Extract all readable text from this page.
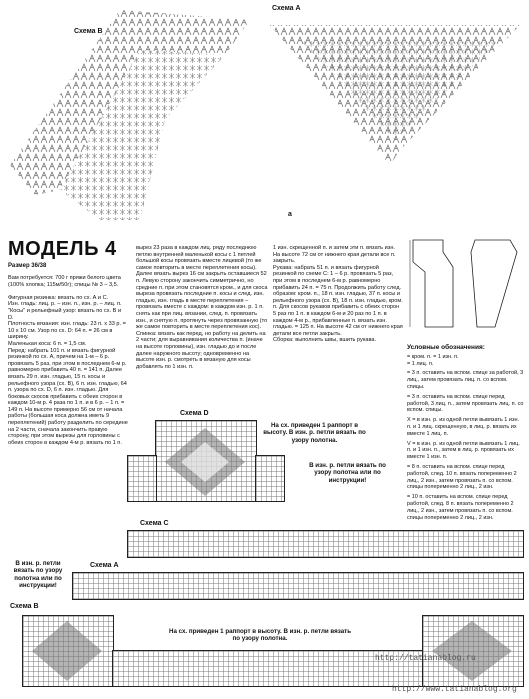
Схема В
Схема А
а
МОДЕЛЬ 4
Размер 36/38
Вам потребуется: 700 г пряжи белого цвета (100% хлопка; 115м/50г); спицы № 3 – 3,5.

Фигурная резинка: вязать по сх. А и С.
Изн. гладь: лиц. р. – изн. п., изн. р. – лиц. п.
"Косы" и рельефный узор: вязать по сх. В и D.
Плотность вязания: изн. гладь: 23 п. х 33 р. = 10 х 10 см. Узор по сх. D: 64 п. = 26 см в ширину.
Маленькая коса: 6 п. = 1,5 см.
Перед: набрать 101 п. и вязать фигурной резинкой по сх. А, причем на 1-м – 6 р. провязать 5 раз, при этом в последнем 6-м р. равномерно прибавить 40 п. = 141 п. Далее вязать 29 п. изн. гладью, 15 п. косы и рельефного узора (сх. В), 6 п. изн. гладью, 64 п. узора по сх. D, 6 п. изн. гладью. Для боковых скосов прибавить с обеих сторон в каждом 10-м р. 4 раза по 1 п. и в 6 р. – 1 п. = 149 п. На высоте примерно 56 см от начала работы (большая коса должна иметь 9 переплетений) работу разделить по середине на 2 части, сначала закончить правую сторону, при этом вырезы для горловины с обеих сторон в каждом 4-м р. вязать по 1 п.
вырез 23 раза в каждом лиц. ряду последнюю петлю внутренней маленькой косы с 1 петлей большой косы провязать вместе лицевой (то же самое повторить в месте переплетения косы). Далее вязать вырез 16 см закрыть оставшиеся 52 п. Левую сторону закончить симметрично, но средние п. при этом становятся кром., и для скоса выреза провязать последние п. косы и след. изн. гладью, изн. гладь в месте переплетения – провязать вместе с каждом: в каждом изн. р. 1 п. снять как при лиц. вязании, след. п. провязать изн., и снятую п. протянуть через провязанную (то же самое повторить в месте переплетения кос).
Спинка: вязать как перед, но работу на делить на 2 части; для выравнивания количества п. (иначе на высоте горловины), изн. гладью до и после далее наружного высоту; одновременно на высоте изн. р. смотреть в вязаную для косы добавлять по 1 изн. п.
1 изн. скрещенной п. и затем эти п. вязать изн. На высоте 72 см от нижнего края детали все п. закрыть.
Рукава: набрать 51 п. и вязать фигурной резинкой по схеме С: 1 – 6 р. провязать 5 раз, при этом в последнем 6-м р. равномерно прибавить 24 п. = 75 п. Продолжить работу след. образом: кром. п., 18 п. изн. гладью, 37 п. косы и рельефного узора (сх. В), 18 п. изн. гладью, кром. п. Для скосов рукавов прибавить с обеих сторон 5 раз по 1 п. в каждом 6-м и 20 раз по 1 п. в каждом 4-м р., прибавленные п. вязать изн. гладью. = 125 п. На высоте 42 см от нижнего края детали все петли закрыть.
Сборка: выполнить швы, вшить рукава.
Условные обозначения:
= кром. п. = 1 изн. п.
= 1 лиц. п.
= 3 п. оставить на вспом. спице за работой, 3 лиц., затем провязать лиц. п. со вспом. спицы.
= 3 п. оставить на вспом. спице перед работой, 3 лиц. п., затем провязать лиц. п. со вспом. спицы.
X = в изн. р. из одной петли вывязать 1 изн. п. и 1 лиц. скрещенную, в лиц. р. вязать их вместе 1 лиц. п.
V = в изн. р. из одной петли вывязать 1 лиц. п. и 1 изн. п., затем в лиц. р. провязать их вместе 1 изн. п.
= 8 п. оставить на вспом. спице перед работой, след. 10 п. вязать попеременно 2 лиц., 2 изн., затем провязать п. со вспом. спицы попеременно 2 лиц., 2 изн.
= 10 п. оставить на вспом. спице перед работой, след. 8 п. вязать попеременно 2 лиц., 2 изн., затем провязать п. со вспом. спицы попеременно 2 лиц., 2 изн.
Схема D
На сх. приведен 1 раппорт в высоту. В изн. р. петли вязать по узору полотна.
В изн. р. петли вязать по узору полотна или по инструкции!
Схема С
Схема А
В изн. р. петли вязать по узору полотна или по инструкции!
Схема В
На сх. приведен 1 раппорт в высоту. В изн. р. петли вязать по узору полотна.
http://tatianablog.ru
http://www.tatianablog.org
